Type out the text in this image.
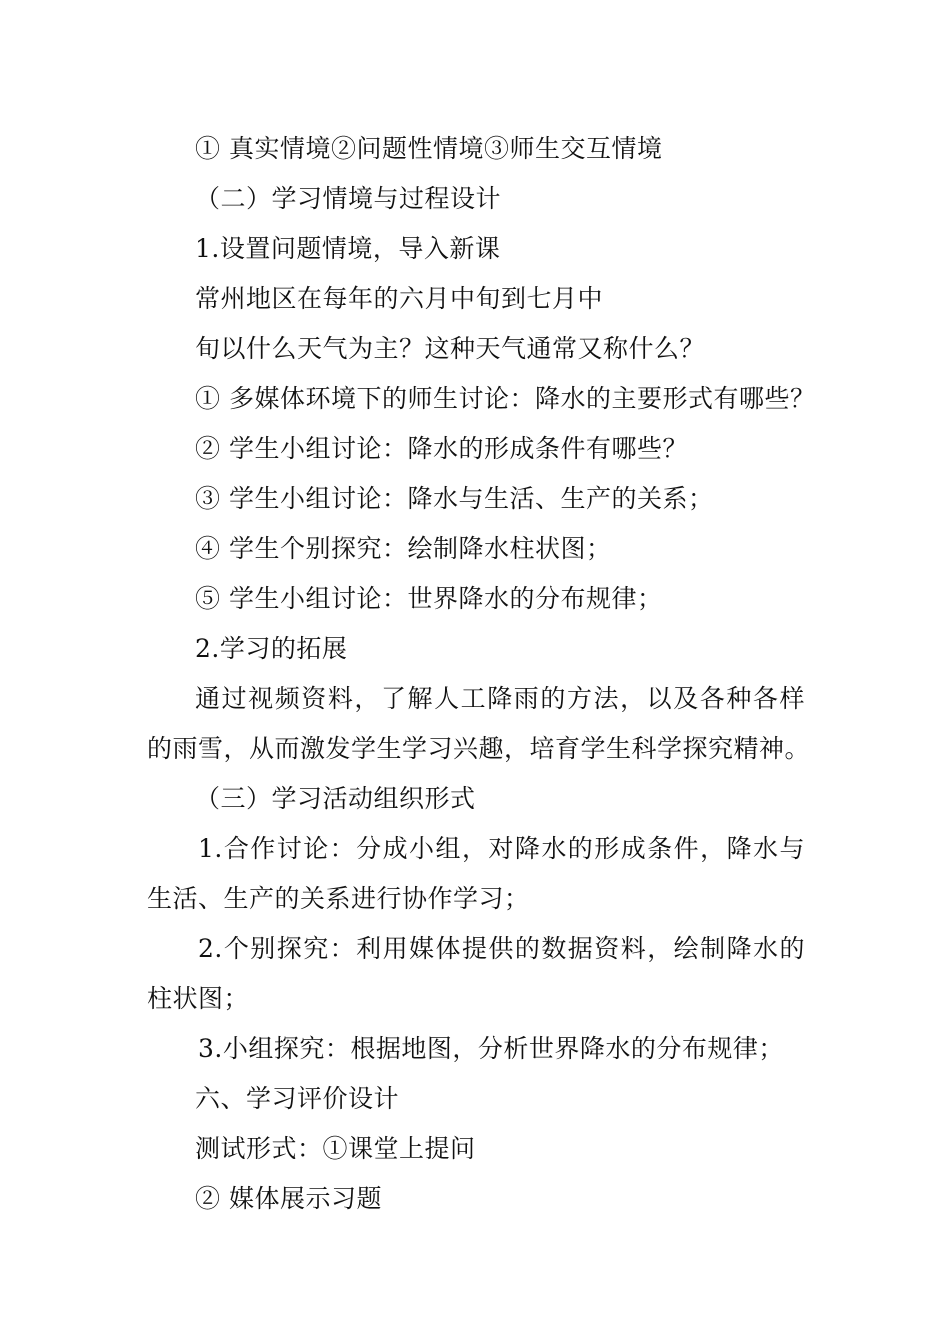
① 真实情境②问题性情境③师生交互情境
（二）学习情境与过程设计
1.设置问题情境，导入新课
常州地区在每年的六月中旬到七月中
旬以什么天气为主？这种天气通常又称什么？
① 多媒体环境下的师生讨论：降水的主要形式有哪些？
② 学生小组讨论：降水的形成条件有哪些？
③ 学生小组讨论：降水与生活、生产的关系；
④ 学生个别探究：绘制降水柱状图；
⑤ 学生小组讨论：世界降水的分布规律；
2.学习的拓展
通过视频资料，了解人工降雨的方法，以及各种各样
的雨雪，从而激发学生学习兴趣，培育学生科学探究精神。
（三）学习活动组织形式
1.合作讨论：分成小组，对降水的形成条件，降水与
生活、生产的关系进行协作学习；
2.个别探究：利用媒体提供的数据资料，绘制降水的
柱状图；
3.小组探究：根据地图，分析世界降水的分布规律；
六、学习评价设计
测试形式：①课堂上提问
② 媒体展示习题
